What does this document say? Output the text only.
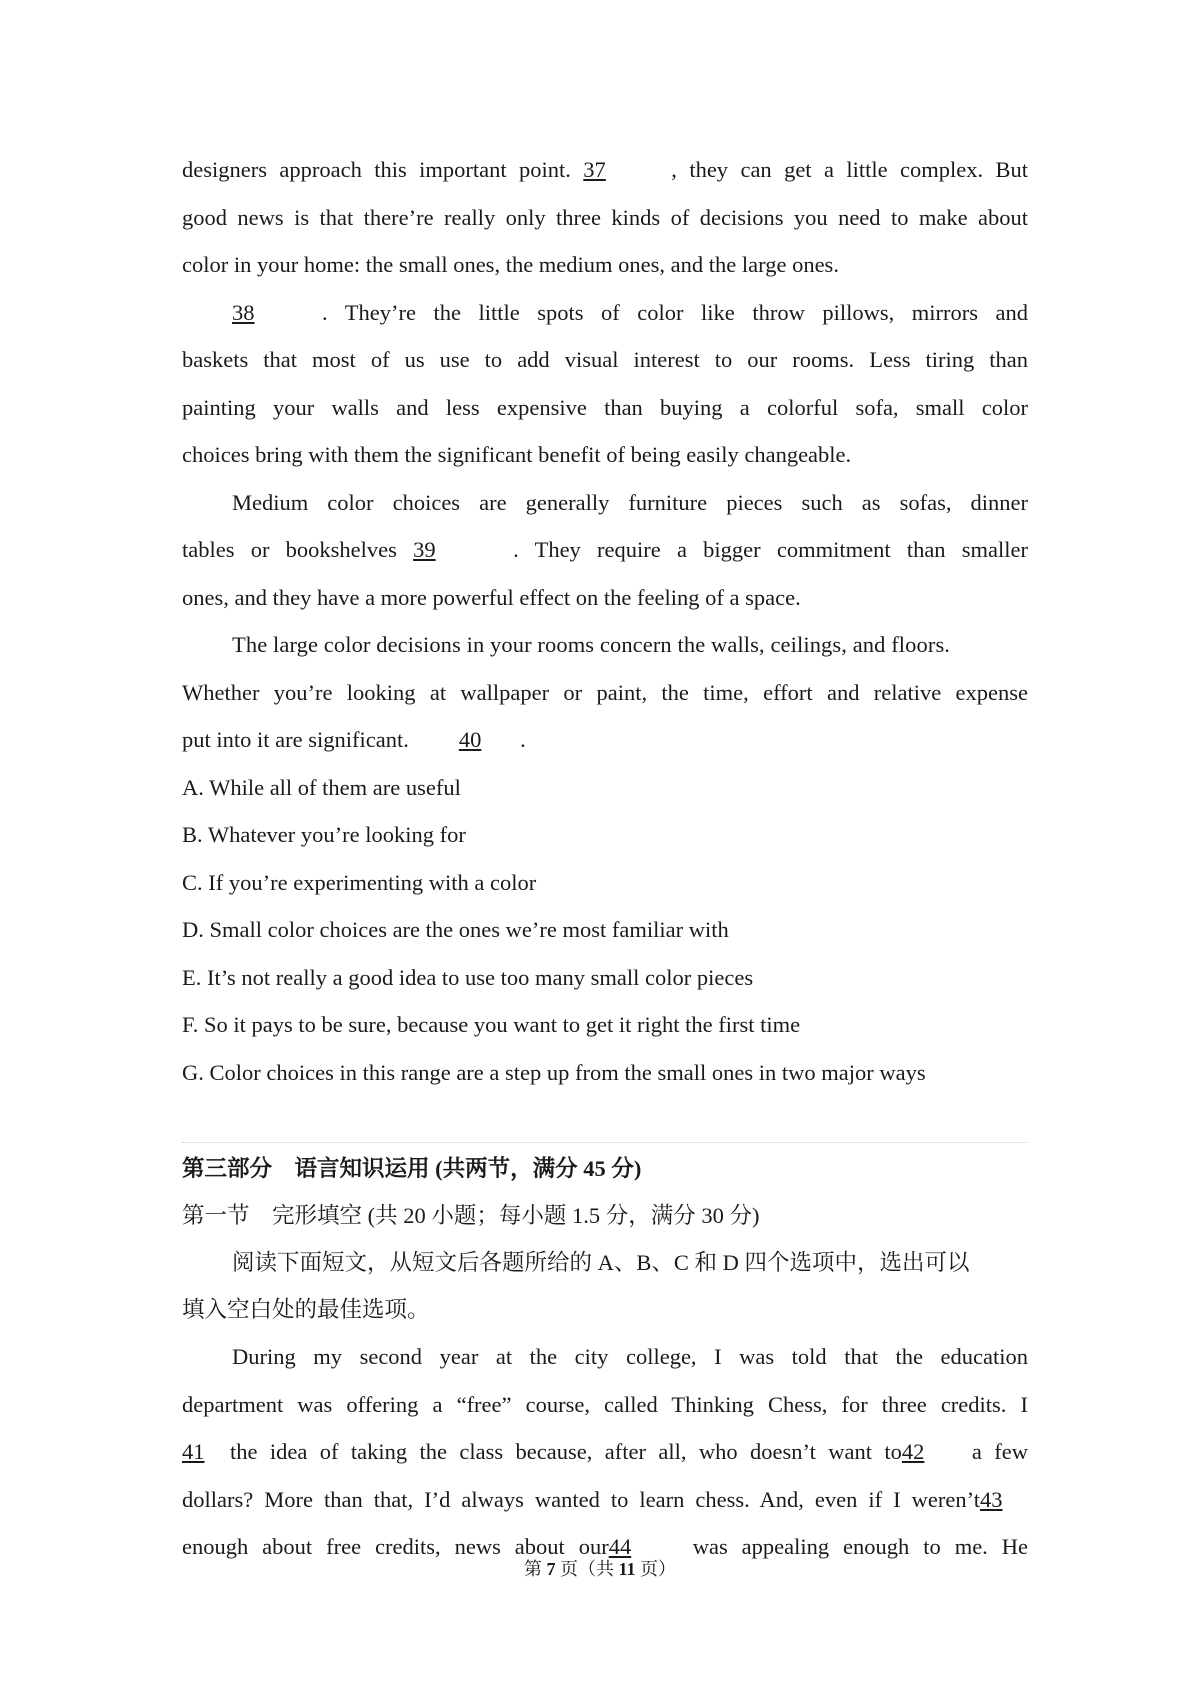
designers approach this important point. 37	, they can get a little complex. But
good news is that there’re really only three kinds of decisions you need to make about
color in your home: the small ones, the medium ones, and the large ones.
38	. They’re the little spots of color like throw pillows, mirrors and
baskets that most of us use to add visual interest to our rooms. Less tiring than
painting your walls and less expensive than buying a colorful sofa, small color
choices bring with them the significant benefit of being easily changeable.
Medium color choices are generally furniture pieces such as sofas, dinner
tables or bookshelves 39	. They require a bigger commitment than smaller
ones, and they have a more powerful effect on the feeling of a space.
The large color decisions in your rooms concern the walls, ceilings, and floors.
Whether you’re looking at wallpaper or paint, the time, effort and relative expense
put into it are significant. 40 .
A. While all of them are useful
B. Whatever you’re looking for
C. If you’re experimenting with a color
D. Small color choices are the ones we’re most familiar with
E. It’s not really a good idea to use too many small color pieces
F. So it pays to be sure, because you want to get it right the first time
G. Color choices in this range are a step up from the small ones in two major ways
第三部分　语言知识运用 (共两节，满分 45 分)
第一节　完形填空 (共 20 小题；每小题 1.5 分，满分 30 分)
阅读下面短文，从短文后各题所给的 A、B、C 和 D 四个选项中，选出可以
填入空白处的最佳选项。
During my second year at the city college, I was told that the education
department was offering a “free” course, called Thinking Chess, for three credits. I
41 the idea of taking the class because, after all, who doesn’t want to42 a few
dollars? More than that, I’d always wanted to learn chess. And, even if I weren’t43
enough about free credits, news about our44	was appealing enough to me. He
第 7 页（共 11 页）
